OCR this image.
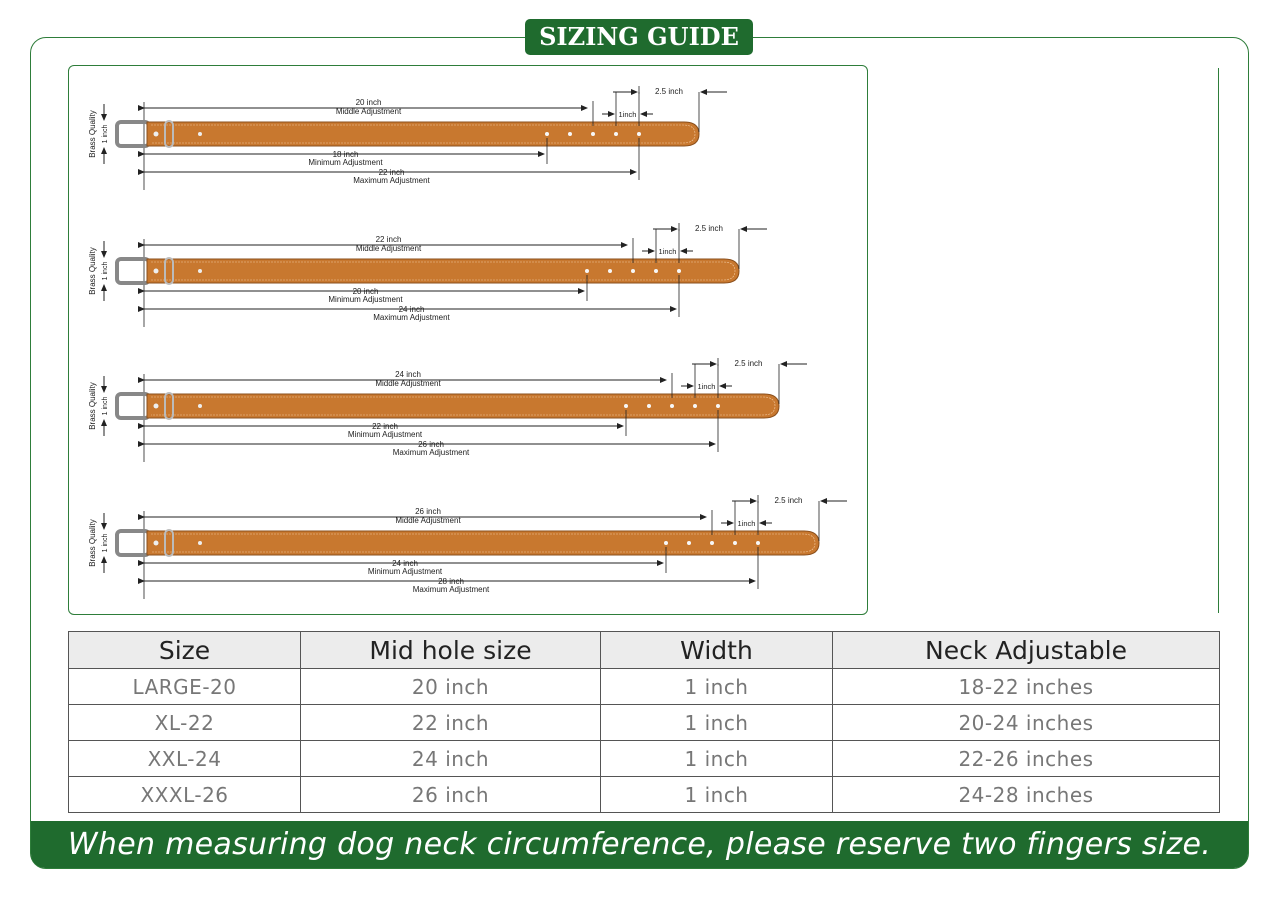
SIZING GUIDE
Brass Quality 1 inch
20 inch
Middle Adjustment	1inch
2.5 inch
18 inch
Minimum Adjustment
22 inch
Maximum Adjustment
Brass Quality 1 inch
22 inch
Middle Adjustment	1inch
2.5 inch
20 inch
Minimum Adjustment
24 inch
Maximum Adjustment
Brass Quality 1 inch
24 inch
Middle Adjustment	1inch
2.5 inch
22 inch
Minimum Adjustment
26 inch
Maximum Adjustment
Brass Quality 1 inch
26 inch
Middle Adjustment	1inch
2.5 inch
24 inch
Minimum Adjustment
28 inch
Maximum Adjustment
Size	Mid hole size	Width	Neck Adjustable
LARGE-20	20 inch	1 inch	18-22 inches
XL-22	22 inch	1 inch	20-24 inches
XXL-24	24 inch	1 inch	22-26 inches
XXXL-26	26 inch	1 inch	24-28 inches
When measuring dog neck circumference, please reserve two fingers size.
